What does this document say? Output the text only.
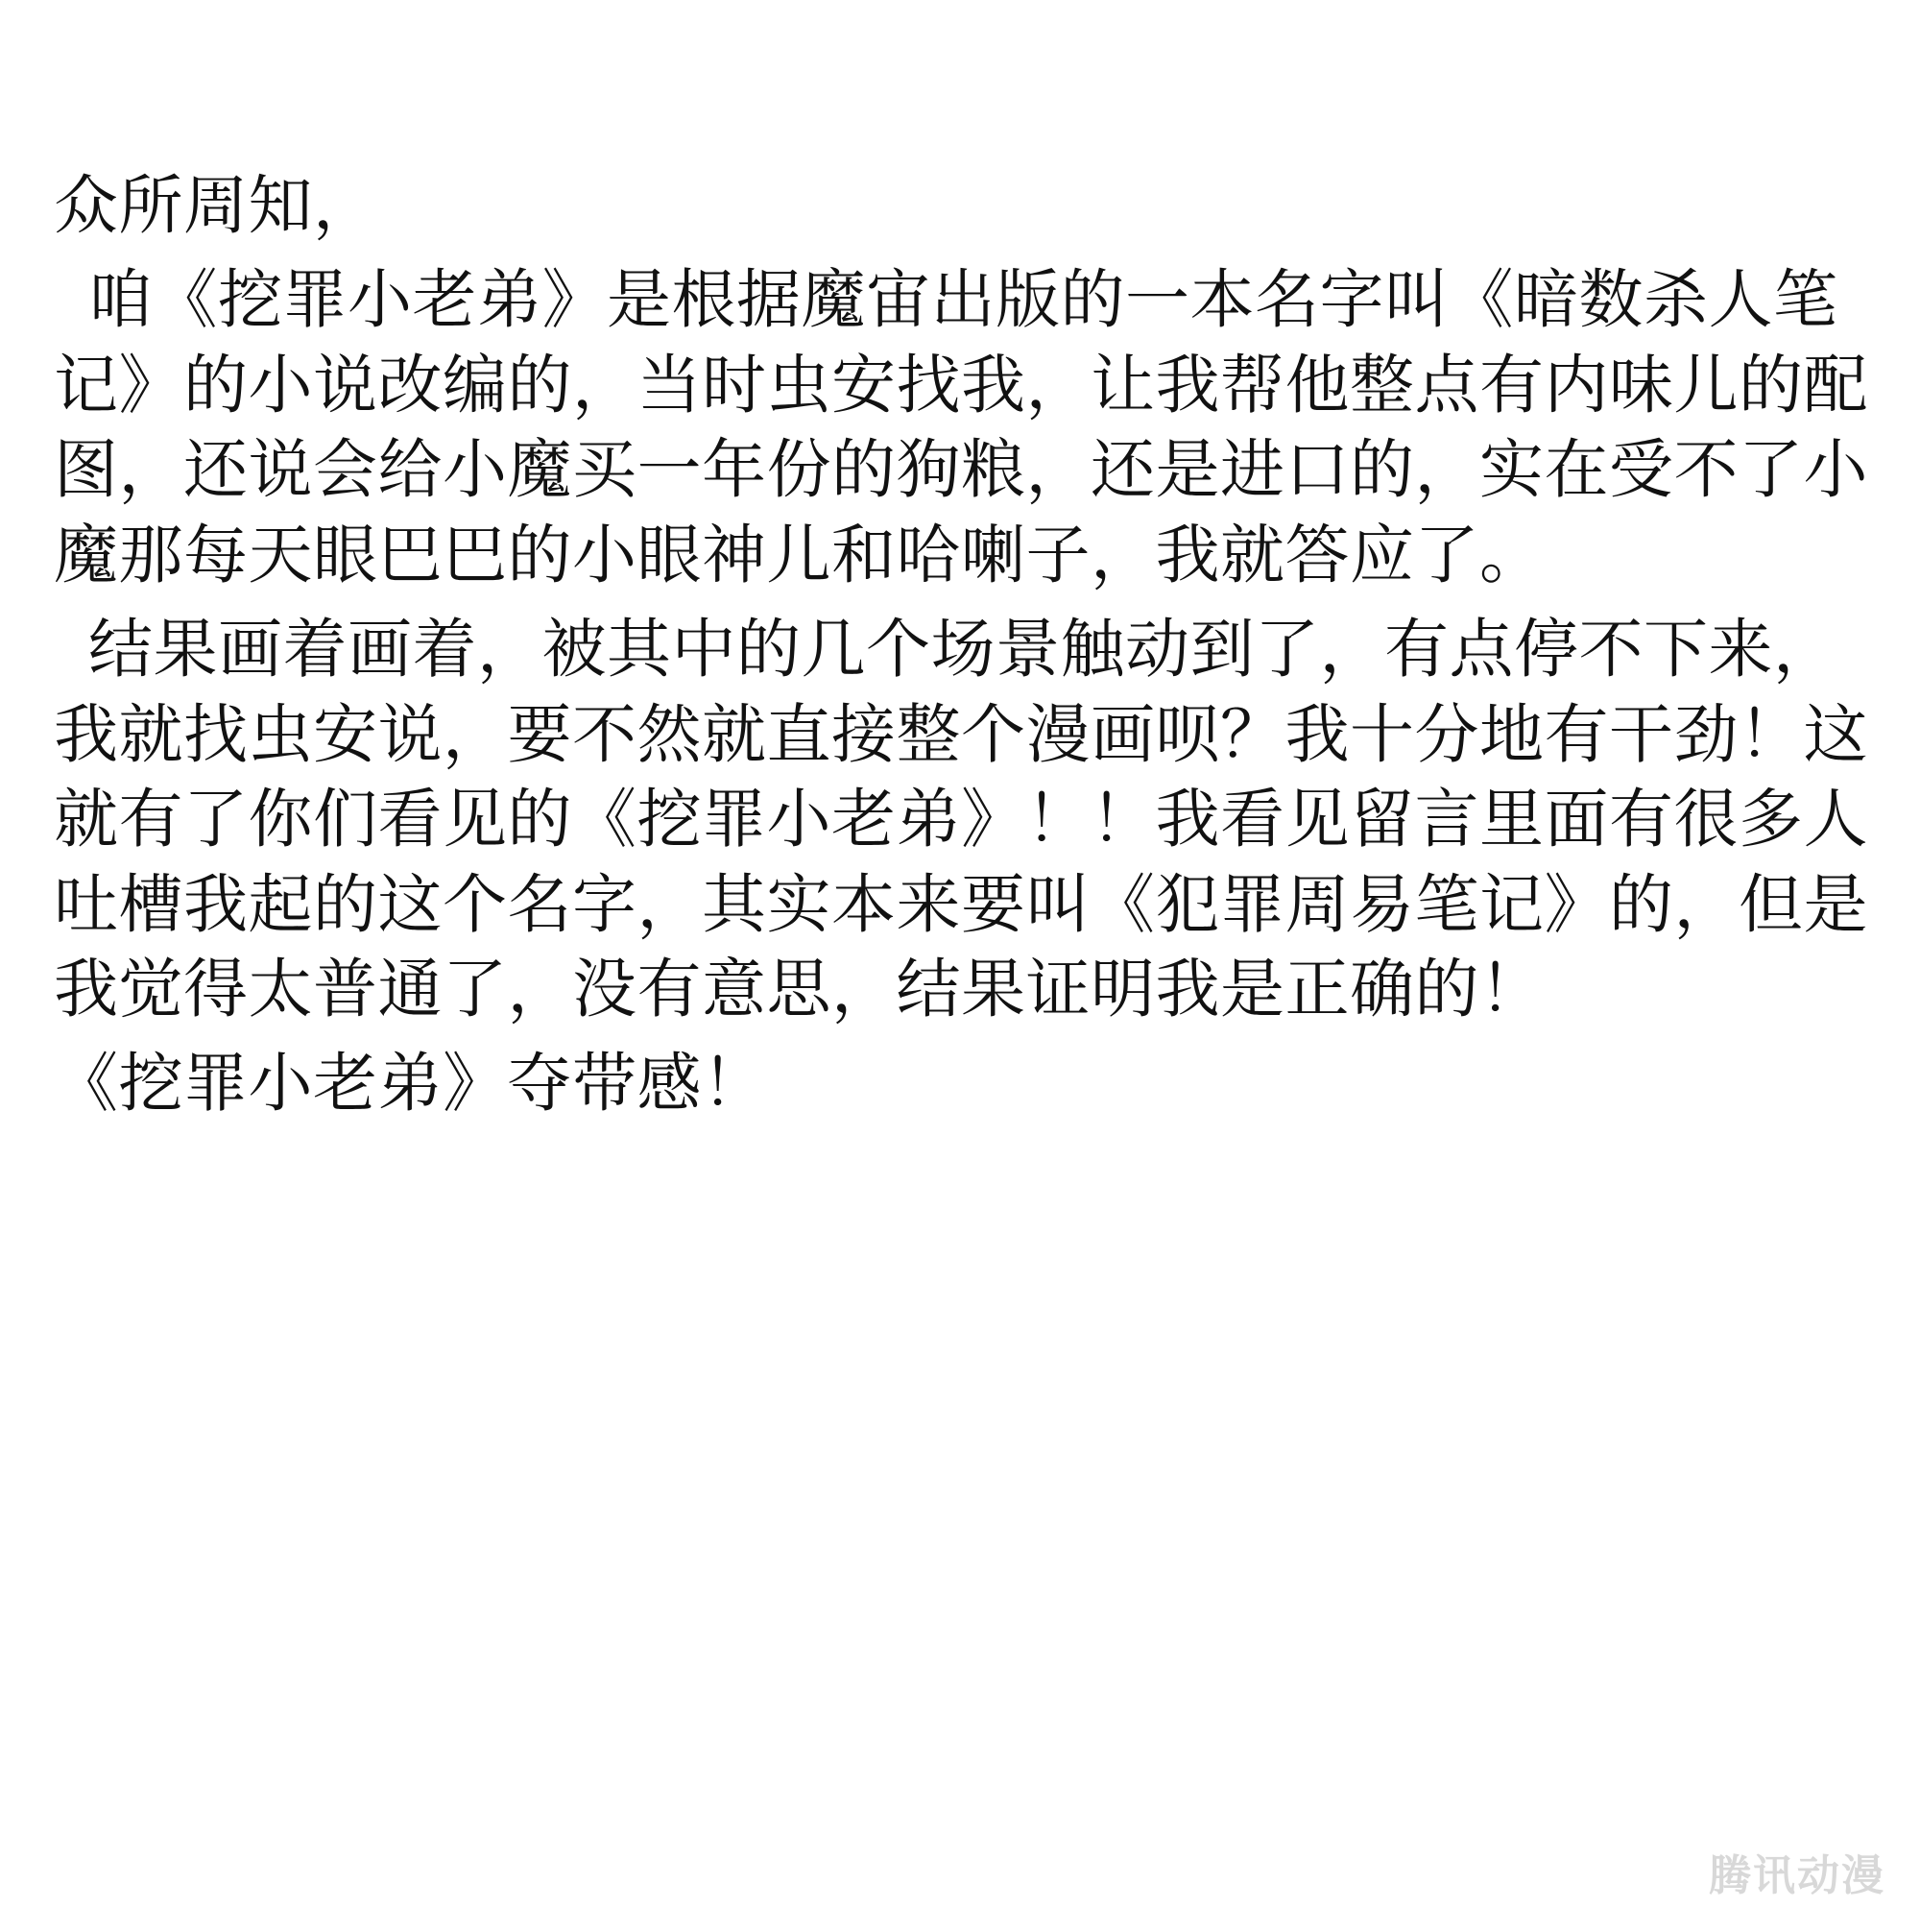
众所周知，

咱《挖罪小老弟》是根据魔宙出版的一本名字叫《暗数杀人笔记》的小说改编的，当时虫安找我，让我帮他整点有内味儿的配图，还说会给小魔买一年份的狗粮，还是进口的，实在受不了小魔那每天眼巴巴的小眼神儿和哈喇子，我就答应了。

结果画着画着，被其中的几个场景触动到了，有点停不下来，我就找虫安说，要不然就直接整个漫画呗？我十分地有干劲！这就有了你们看见的《挖罪小老弟》！！我看见留言里面有很多人吐槽我起的这个名字，其实本来要叫《犯罪周易笔记》的，但是我觉得太普通了，没有意思，结果证明我是正确的！

《挖罪小老弟》夺带感！

腾讯动漫
